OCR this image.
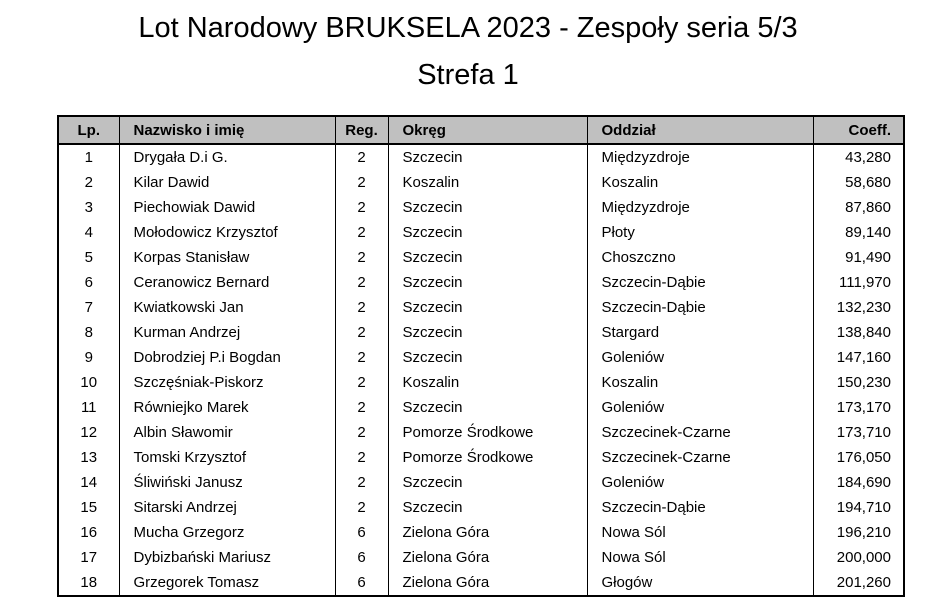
Lot Narodowy BRUKSELA 2023 - Zespoły seria 5/3
Strefa 1
Lp.	Nazwisko i imię	Reg.	Okręg	Oddział	Coeff.
1	Drygała D.i G.	2	Szczecin	Międzyzdroje	43,280
2	Kilar Dawid	2	Koszalin	Koszalin	58,680
3	Piechowiak Dawid	2	Szczecin	Międzyzdroje	87,860
4	Mołodowicz Krzysztof	2	Szczecin	Płoty	89,140
5	Korpas Stanisław	2	Szczecin	Choszczno	91,490
6	Ceranowicz Bernard	2	Szczecin	Szczecin-Dąbie	111,970
7	Kwiatkowski Jan	2	Szczecin	Szczecin-Dąbie	132,230
8	Kurman Andrzej	2	Szczecin	Stargard	138,840
9	Dobrodziej P.i Bogdan	2	Szczecin	Goleniów	147,160
10	Szczęśniak-Piskorz	2	Koszalin	Koszalin	150,230
11	Równiejko Marek	2	Szczecin	Goleniów	173,170
12	Albin Sławomir	2	Pomorze Środkowe	Szczecinek-Czarne	173,710
13	Tomski Krzysztof	2	Pomorze Środkowe	Szczecinek-Czarne	176,050
14	Śliwiński Janusz	2	Szczecin	Goleniów	184,690
15	Sitarski Andrzej	2	Szczecin	Szczecin-Dąbie	194,710
16	Mucha Grzegorz	6	Zielona Góra	Nowa Sól	196,210
17	Dybizbański Mariusz	6	Zielona Góra	Nowa Sól	200,000
18	Grzegorek Tomasz	6	Zielona Góra	Głogów	201,260
